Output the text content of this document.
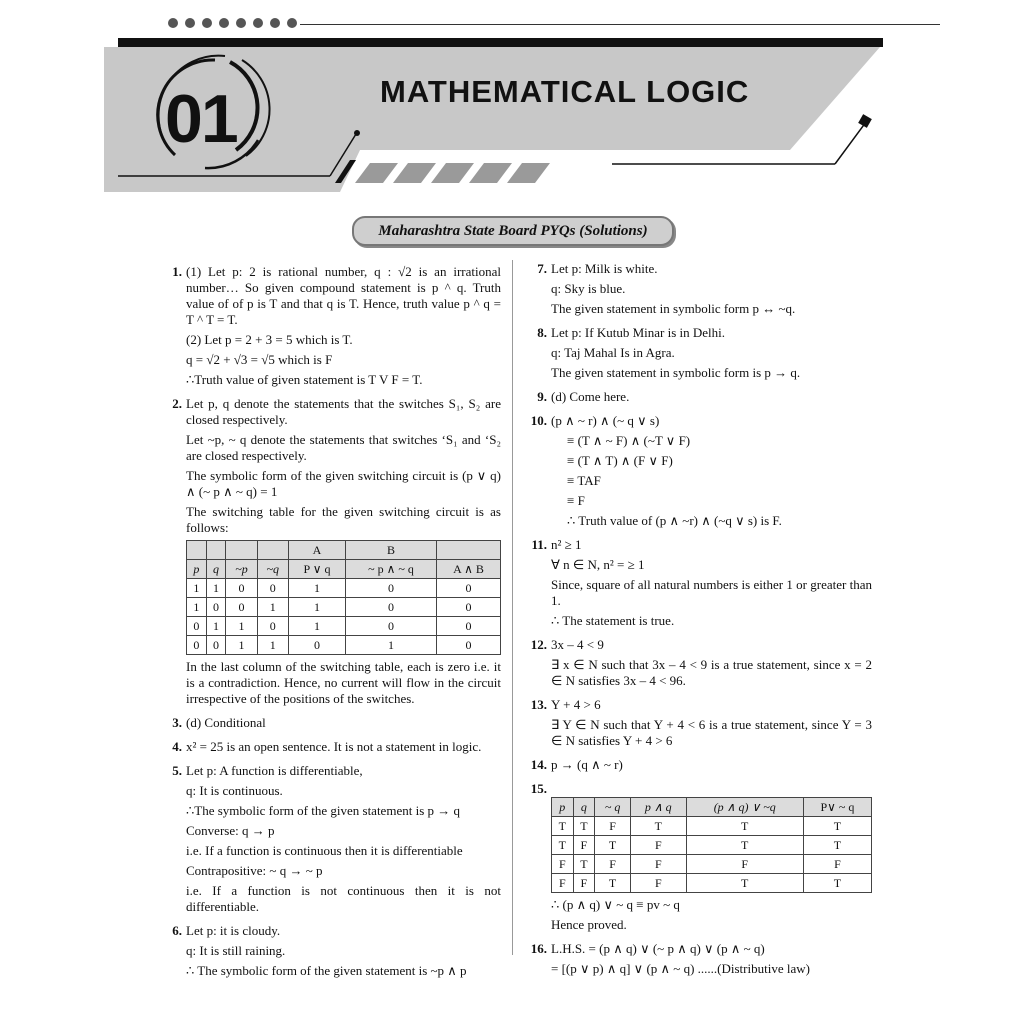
01	MATHEMATICAL LOGIC
Maharashtra State Board PYQs (Solutions)
1. (1) Let p: 2 is rational number, q : √2 is an irrational number… So given compound statement is p ^ q. Truth value of of p is T and that q is T. Hence, truth value p ^ q = T ^ T = T.
(2) Let p = 2 + 3 = 5 which is T.
q = √2 + √3 = √5 which is F
∴Truth value of given statement is T V F = T.
2. Let p, q denote the statements that the switches S₁, S₂ are closed respectively.
Let ~p, ~ q denote the statements that switches ‘S₁ and ‘S₂ are closed respectively.
The symbolic form of the given switching circuit is (p ∨ q) ∧ (~ p ∧ ~ q) = 1
The switching table for the given switching circuit is as follows:
				A	B	
p	q	~p	~q	P ∨ q	~ p ∧ ~ q	A ∧ B
1	1	0	0	1	0	0
1	0	0	1	1	0	0
0	1	1	0	1	0	0
0	0	1	1	0	1	0
In the last column of the switching table, each is zero i.e. it is a contradiction. Hence, no current will flow in the circuit irrespective of the positions of the switches.
3. (d) Conditional
4. x² = 25 is an open sentence. It is not a statement in logic.
5. Let p: A function is differentiable,
q: It is continuous.
∴The symbolic form of the given statement is p → q
Converse: q → p
i.e. If a function is continuous then it is differentiable
Contrapositive: ~ q → ~ p
i.e. If a function is not continuous then it is not differentiable.
6. Let p: it is cloudy.
q: It is still raining.
∴ The symbolic form of the given statement is ~p ∧ p
7. Let p: Milk is white.
q: Sky is blue.
The given statement in symbolic form p ↔ ~q.
8. Let p: If Kutub Minar is in Delhi.
q: Taj Mahal Is in Agra.
The given statement in symbolic form is p → q.
9. (d) Come here.
10. (p ∧ ~ r) ∧ (~ q ∨ s)
≡ (T ∧ ~ F) ∧ (~T ∨ F)
≡ (T ∧ T) ∧ (F ∨ F)
≡ TAF
≡ F
∴ Truth value of (p ∧ ~r) ∧ (~q ∨ s) is F.
11. n² ≥ 1
∀ n ∈ N, n² = ≥ 1
Since, square of all natural numbers is either 1 or greater than 1.
∴ The statement is true.
12. 3x – 4 < 9
∃ x ∈ N such that 3x – 4 < 9 is a true statement, since x = 2 ∈ N satisfies 3x – 4 < 96.
13. Y + 4 > 6
∃ Y ∈ N such that Y + 4 < 6 is a true statement, since Y = 3 ∈ N satisfies Y + 4 > 6
14. p → (q ∧ ~ r)
15.
p	q	~ q	p ∧ q	(p ∧ q) ∨ ~q	P∨ ~ q
T	T	F	T	T	T
T	F	T	F	T	T
F	T	F	F	F	F
F	F	T	F	T	T
∴ (p ∧ q) ∨ ~ q ≡ pv ~ q
Hence proved.
16. L.H.S. = (p ∧ q) ∨ (~ p ∧ q) ∨ (p ∧ ~ q)
= [(p ∨ p) ∧ q] ∨ (p ∧ ~ q) ......(Distributive law)
